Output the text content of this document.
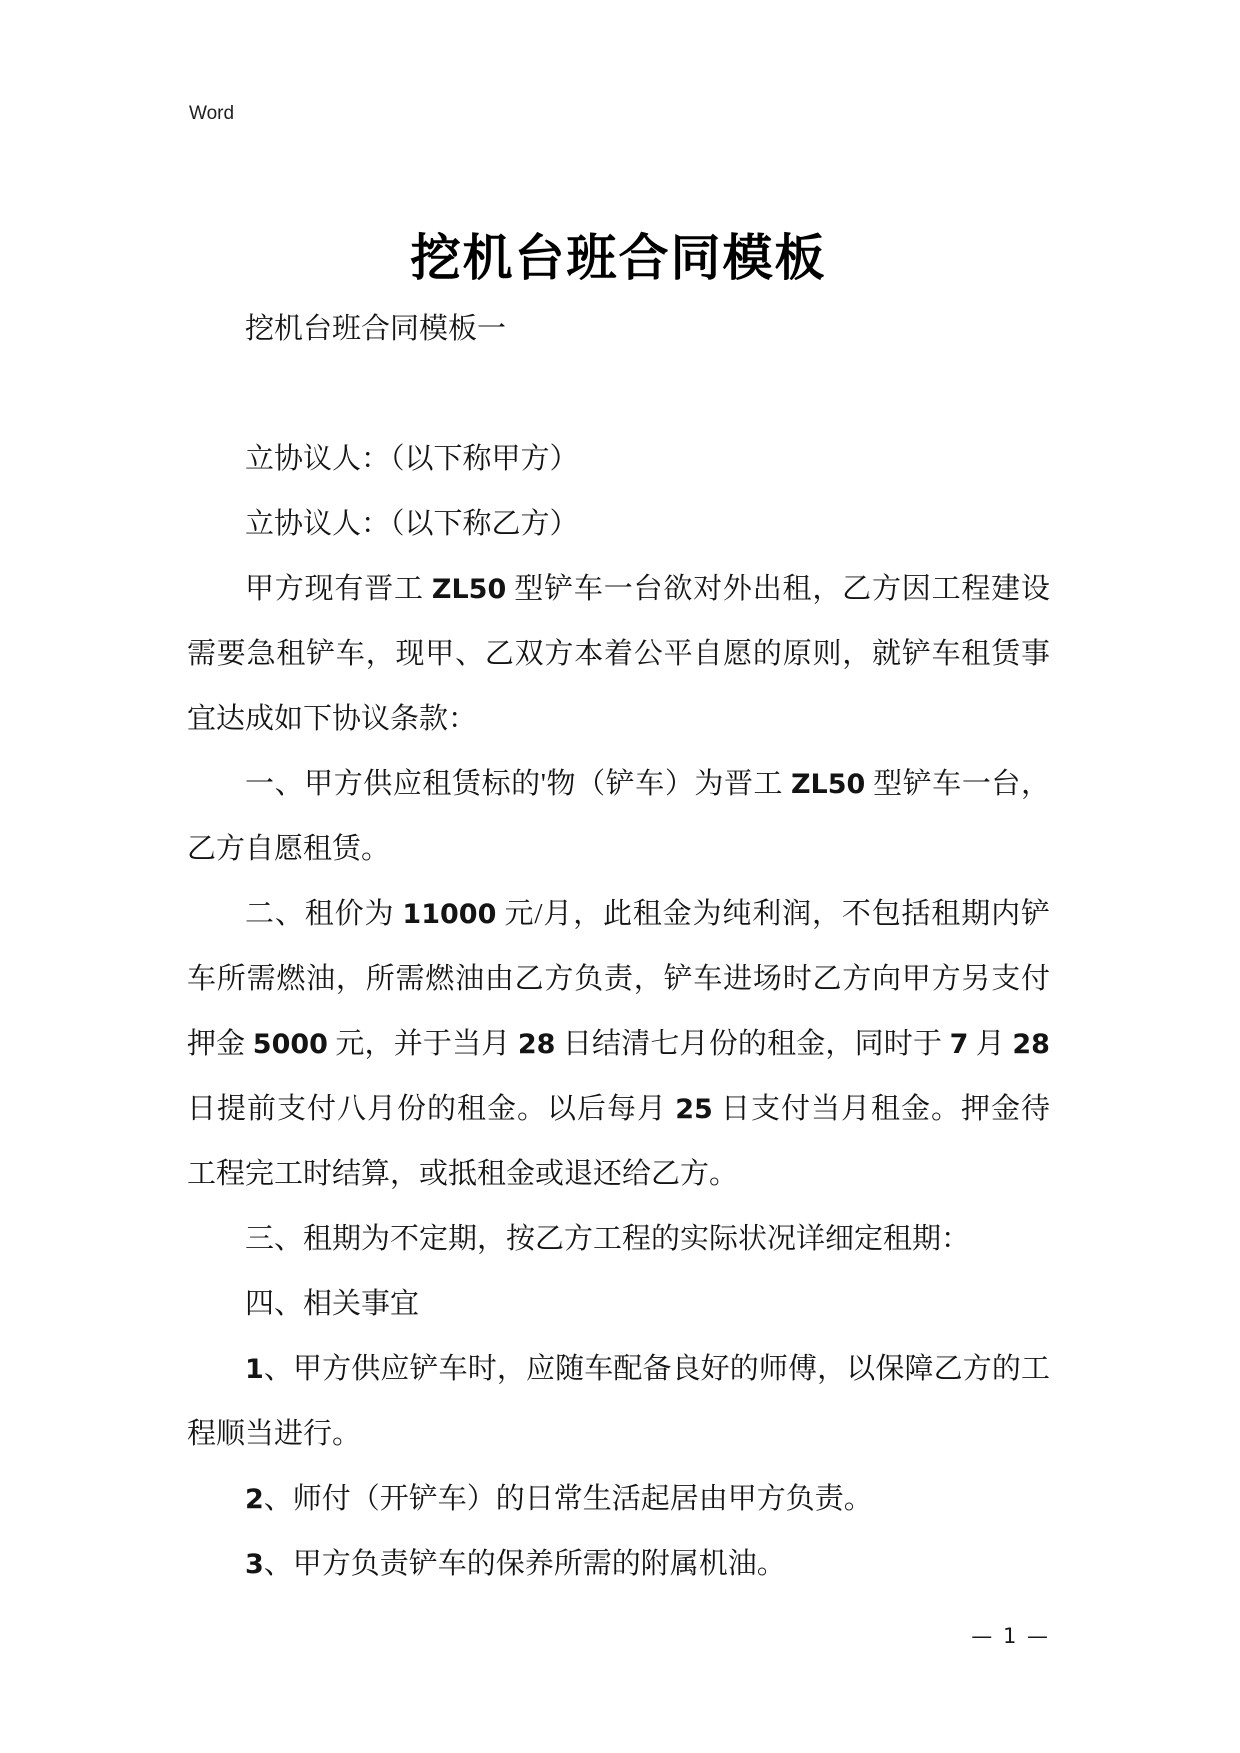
Word
挖机台班合同模板

挖机台班合同模板一

立协议人：（以下称甲方）

立协议人：（以下称乙方）

甲方现有晋工 ZL50 型铲车一台欲对外出租，乙方因工程建设需要急租铲车，现甲、乙双方本着公平自愿的原则，就铲车租赁事宜达成如下协议条款：

一、甲方供应租赁标的'物（铲车）为晋工 ZL50 型铲车一台，乙方自愿租赁。

二、租价为 11000 元/月，此租金为纯利润，不包括租期内铲车所需燃油，所需燃油由乙方负责，铲车进场时乙方向甲方另支付押金 5000 元，并于当月 28 日结清七月份的租金，同时于 7 月 28 日提前支付八月份的租金。以后每月 25 日支付当月租金。押金待工程完工时结算，或抵租金或退还给乙方。

三、租期为不定期，按乙方工程的实际状况详细定租期：

四、相关事宜

1、甲方供应铲车时，应随车配备良好的师傅，以保障乙方的工程顺当进行。

2、师付（开铲车）的日常生活起居由甲方负责。

3、甲方负责铲车的保养所需的附属机油。

— 1 —
